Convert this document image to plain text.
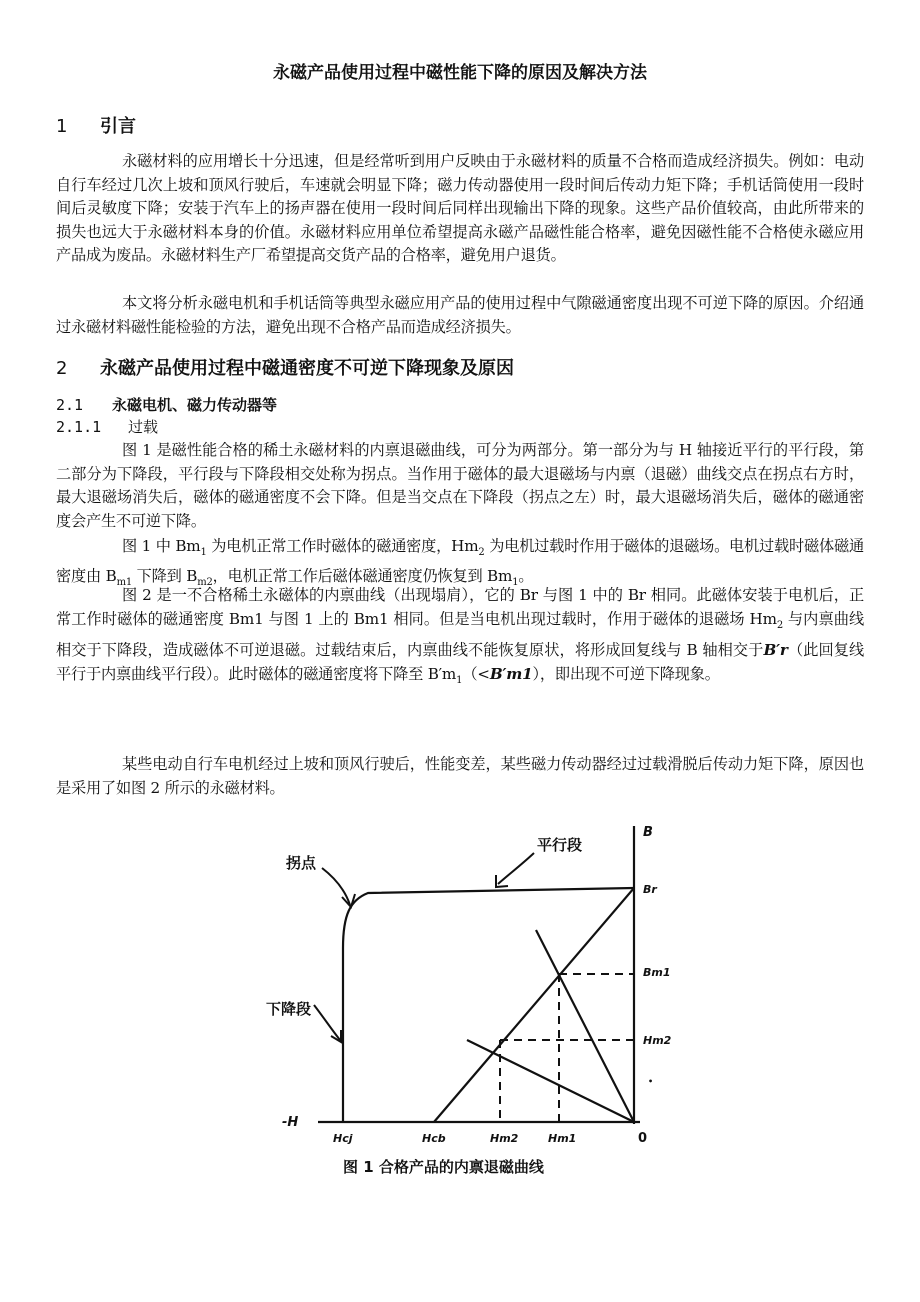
永磁产品使用过程中磁性能下降的原因及解决方法
1 引言

永磁材料的应用增长十分迅速，但是经常听到用户反映由于永磁材料的质量不合格而造成经济损失。例如：电动自行车经过几次上坡和顶风行驶后，车速就会明显下降；磁力传动器使用一段时间后传动力矩下降；手机话筒使用一段时间后灵敏度下降；安装于汽车上的扬声器在使用一段时间后同样出现输出下降的现象。这些产品价值较高，由此所带来的损失也远大于永磁材料本身的价值。永磁材料应用单位希望提高永磁产品磁性能合格率，避免因磁性能不合格使永磁应用产品成为废品。永磁材料生产厂希望提高交货产品的合格率，避免用户退货。

本文将分析永磁电机和手机话筒等典型永磁应用产品的使用过程中气隙磁通密度出现不可逆下降的原因。介绍通过永磁材料磁性能检验的方法，避免出现不合格产品而造成经济损失。

2 永磁产品使用过程中磁通密度不可逆下降现象及原因
2.1 永磁电机、磁力传动器等
2.1.1 过载

图 1 是磁性能合格的稀土永磁材料的内禀退磁曲线，可分为两部分。第一部分为与 H 轴接近平行的平行段，第二部分为下降段，平行段与下降段相交处称为拐点。当作用于磁体的最大退磁场与内禀（退磁）曲线交点在拐点右方时，最大退磁场消失后，磁体的磁通密度不会下降。但是当交点在下降段（拐点之左）时，最大退磁场消失后，磁体的磁通密度会产生不可逆下降。

图 1 中 $Bm_1$ 为电机正常工作时磁体的磁通密度，$Hm_2$ 为电机过载时作用于磁体的退磁场。电机过载时磁体磁通密度由 $B_{m1}$ 下降到 $B_{m2}$，电机正常工作后磁体磁通密度仍恢复到 $Bm_1$。

图 2 是一不合格稀土永磁体的内禀曲线（出现塌肩），它的 Br 与图 1 中的 Br 相同。此磁体安装于电机后，正常工作时磁体的磁通密度 Bm1 与图 1 上的 Bm1 相同。但是当电机出现过载时，作用于磁体的退磁场 $Hm_2$ 与内禀曲线相交于下降段，造成磁体不可逆退磁。过载结束后，内禀曲线不能恢复原状，将形成回复线与 B 轴相交于B′r（此回复线平行于内禀曲线平行段）。此时磁体的磁通密度将下降至 $B'm_1(<B'm1)$，即出现不可逆下降现象。

某些电动自行车电机经过上坡和顶风行驶后，性能变差，某些磁力传动器经过过载滑脱后传动力矩下降，原因也是采用了如图 2 所示的永磁材料。

拐点
平行段
下降段
B
Br
Bm1
Hm2
•
-H
Hcj	Hcb	Hm2	Hm1	0
图 1 合格产品的内禀退磁曲线
